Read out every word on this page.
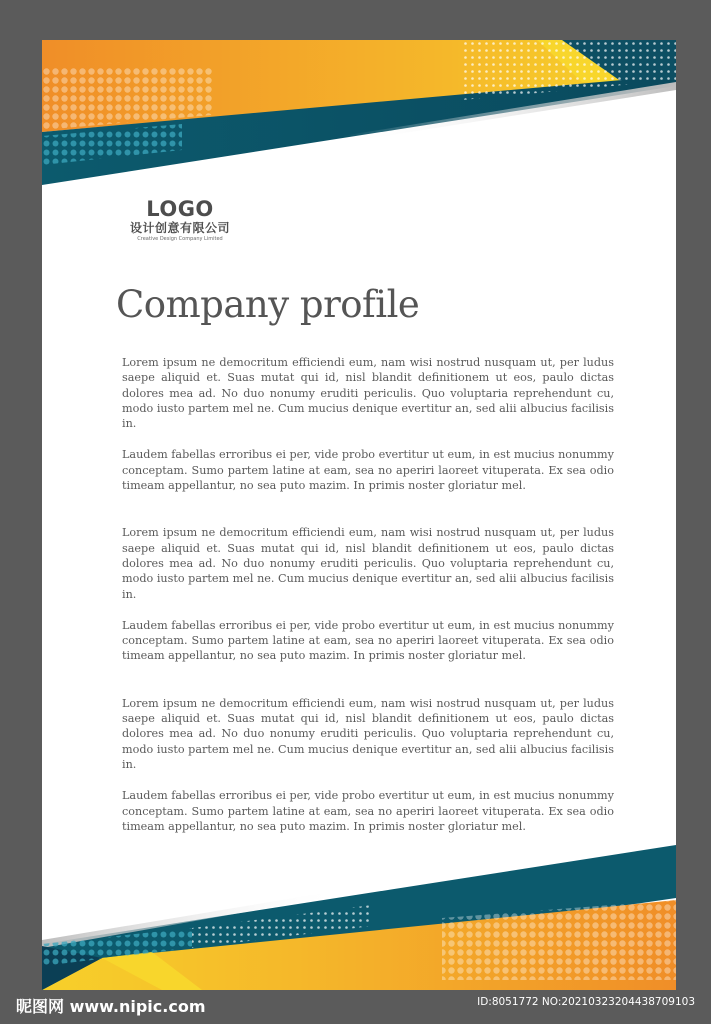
LOGO
设计创意有限公司
Creative Design Company Limited
Company profile

Lorem ipsum ne democritum efficiendi eum, nam wisi nostrud nusquam ut, per ludus saepe aliquid et. Suas mutat qui id, nisl blandit definitionem ut eos, paulo dictas dolores mea ad. No duo nonumy eruditi periculis. Quo voluptaria reprehendunt cu, modo iusto partem mel ne. Cum mucius denique evertitur an, sed alii albucius facilisis in.

Laudem fabellas erroribus ei per, vide probo evertitur ut eum, in est mucius nonummy conceptam. Sumo partem latine at eam, sea no aperiri laoreet vituperata. Ex sea odio timeam appellantur, no sea puto mazim. In primis noster gloriatur mel.

Lorem ipsum ne democritum efficiendi eum, nam wisi nostrud nusquam ut, per ludus saepe aliquid et. Suas mutat qui id, nisl blandit definitionem ut eos, paulo dictas dolores mea ad. No duo nonumy eruditi periculis. Quo voluptaria reprehendunt cu, modo iusto partem mel ne. Cum mucius denique evertitur an, sed alii albucius facilisis in.

Laudem fabellas erroribus ei per, vide probo evertitur ut eum, in est mucius nonummy conceptam. Sumo partem latine at eam, sea no aperiri laoreet vituperata. Ex sea odio timeam appellantur, no sea puto mazim. In primis noster gloriatur mel.

Lorem ipsum ne democritum efficiendi eum, nam wisi nostrud nusquam ut, per ludus saepe aliquid et. Suas mutat qui id, nisl blandit definitionem ut eos, paulo dictas dolores mea ad. No duo nonumy eruditi periculis. Quo voluptaria reprehendunt cu, modo iusto partem mel ne. Cum mucius denique evertitur an, sed alii albucius facilisis in.

Laudem fabellas erroribus ei per, vide probo evertitur ut eum, in est mucius nonummy conceptam. Sumo partem latine at eam, sea no aperiri laoreet vituperata. Ex sea odio timeam appellantur, no sea puto mazim. In primis noster gloriatur mel.

昵图网 www.nipic.com	ID:8051772 NO:20210323204438709103
